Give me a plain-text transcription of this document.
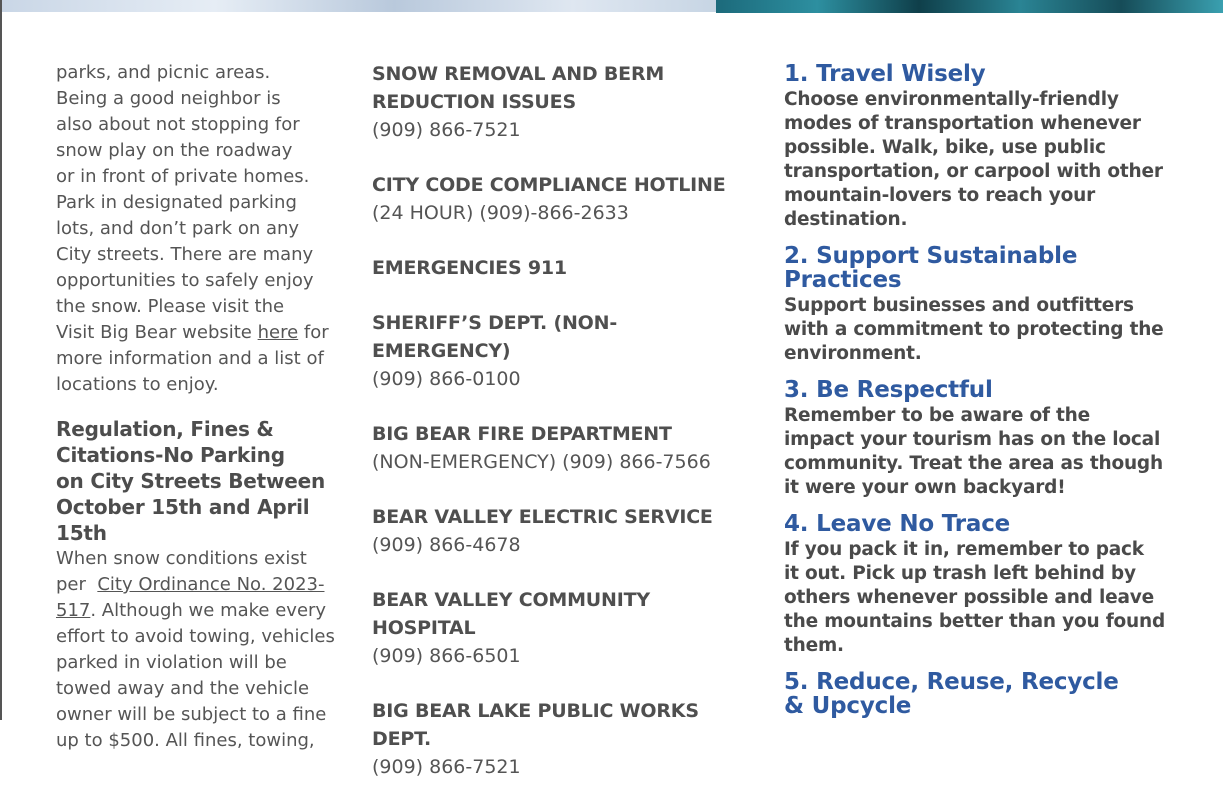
parks, and picnic areas.

Being a good neighbor is

also about not stopping for

snow play on the roadway

or in front of private homes.

Park in designated parking

lots, and don’t park on any

City streets. There are many

opportunities to safely enjoy

the snow. Please visit the

Visit Big Bear website here for

more information and a list of

locations to enjoy.

Regulation, Fines &
Citations-No Parking
on City Streets Between
October 15th and April 15th

When snow conditions exist

per  City Ordinance No. 2023-

517. Although we make every

effort to avoid towing, vehicles

parked in violation will be

towed away and the vehicle

owner will be subject to a fine

up to $500. All fines, towing,

SNOW REMOVAL AND BERM

REDUCTION ISSUES

(909) 866-7521

CITY CODE COMPLIANCE HOTLINE

(24 HOUR) (909)-866-2633

EMERGENCIES 911

SHERIFF’S DEPT. (NON-EMERGENCY)

(909) 866-0100

BIG BEAR FIRE DEPARTMENT

(NON-EMERGENCY) (909) 866-7566

BEAR VALLEY ELECTRIC SERVICE

(909) 866-4678

BEAR VALLEY COMMUNITY HOSPITAL

(909) 866-6501

BIG BEAR LAKE PUBLIC WORKS DEPT.

(909) 866-7521

1. Travel Wisely

Choose environmentally-friendly
modes of transportation whenever
possible. Walk, bike, use public
transportation, or carpool with other
mountain-lovers to reach your
destination.

2. Support Sustainable

Practices

Support businesses and outfitters
with a commitment to protecting the
environment.

3. Be Respectful

Remember to be aware of the
impact your tourism has on the local
community. Treat the area as though
it were your own backyard!

4. Leave No Trace

If you pack it in, remember to pack
it out. Pick up trash left behind by
others whenever possible and leave
the mountains better than you found
them.

5. Reduce, Reuse, Recycle

& Upcycle
